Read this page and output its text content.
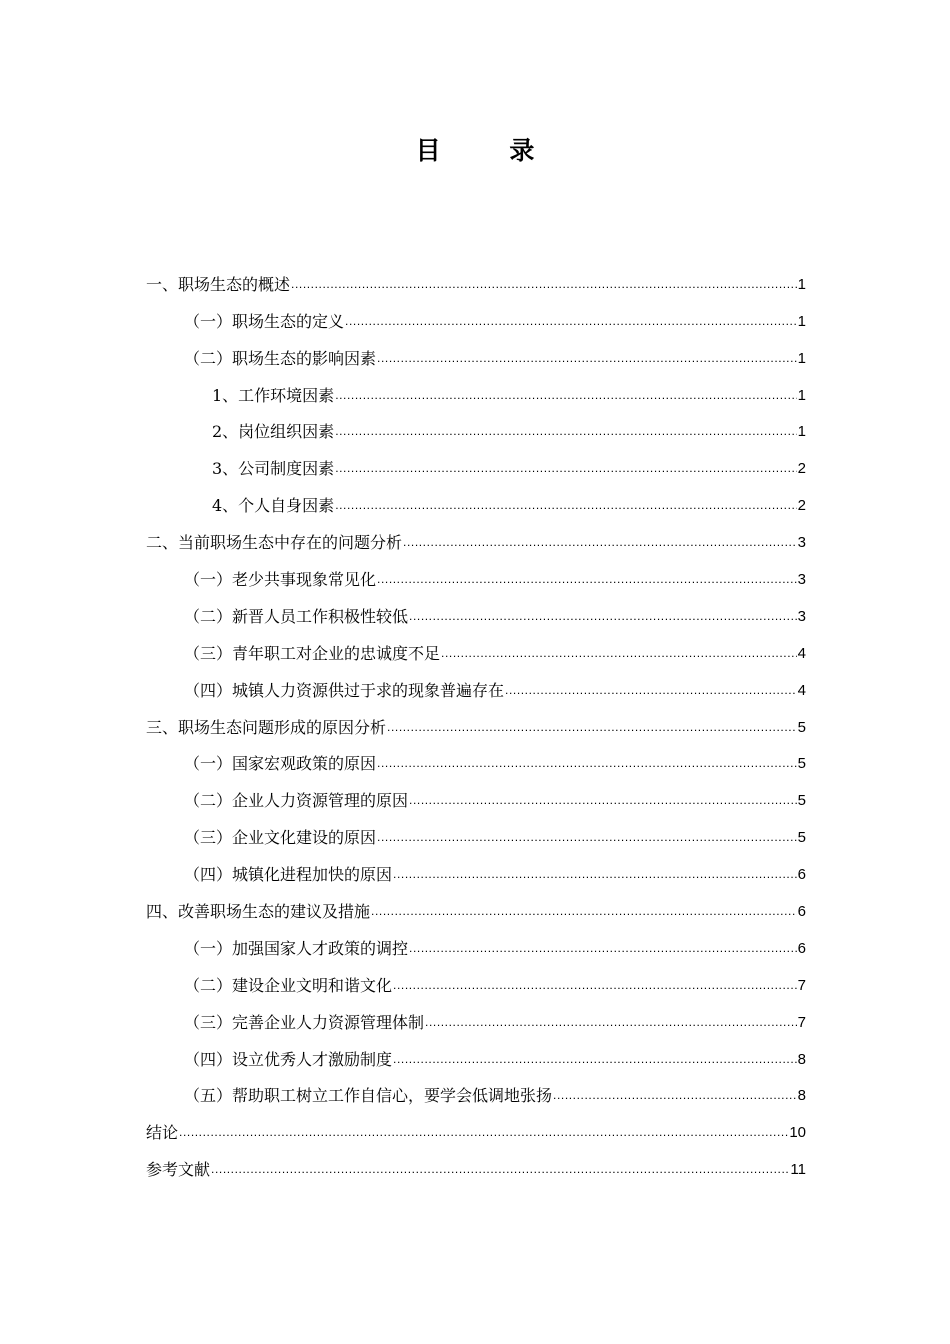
目 录
一、职场生态的概述 .....	1
（一）职场生态的定义 .....	1
（二）职场生态的影响因素 .....	1
1、工作环境因素 .....	1
2、岗位组织因素 .....	1
3、公司制度因素 .....	2
4、个人自身因素 .....	2
二、当前职场生态中存在的问题分析 .....	3
（一）老少共事现象常见化 .....	3
（二）新晋人员工作积极性较低 .....	3
（三）青年职工对企业的忠诚度不足 .....	4
（四）城镇人力资源供过于求的现象普遍存在 .....	4
三、职场生态问题形成的原因分析 .....	5
（一）国家宏观政策的原因 .....	5
（二）企业人力资源管理的原因 .....	5
（三）企业文化建设的原因 .....	5
（四）城镇化进程加快的原因 .....	6
四、改善职场生态的建议及措施 .....	6
（一）加强国家人才政策的调控 .....	6
（二）建设企业文明和谐文化 .....	7
（三）完善企业人力资源管理体制 .....	7
（四）设立优秀人才激励制度 .....	8
（五）帮助职工树立工作自信心，要学会低调地张扬 .....	8
结论 .....	10
参考文献 .....	11
